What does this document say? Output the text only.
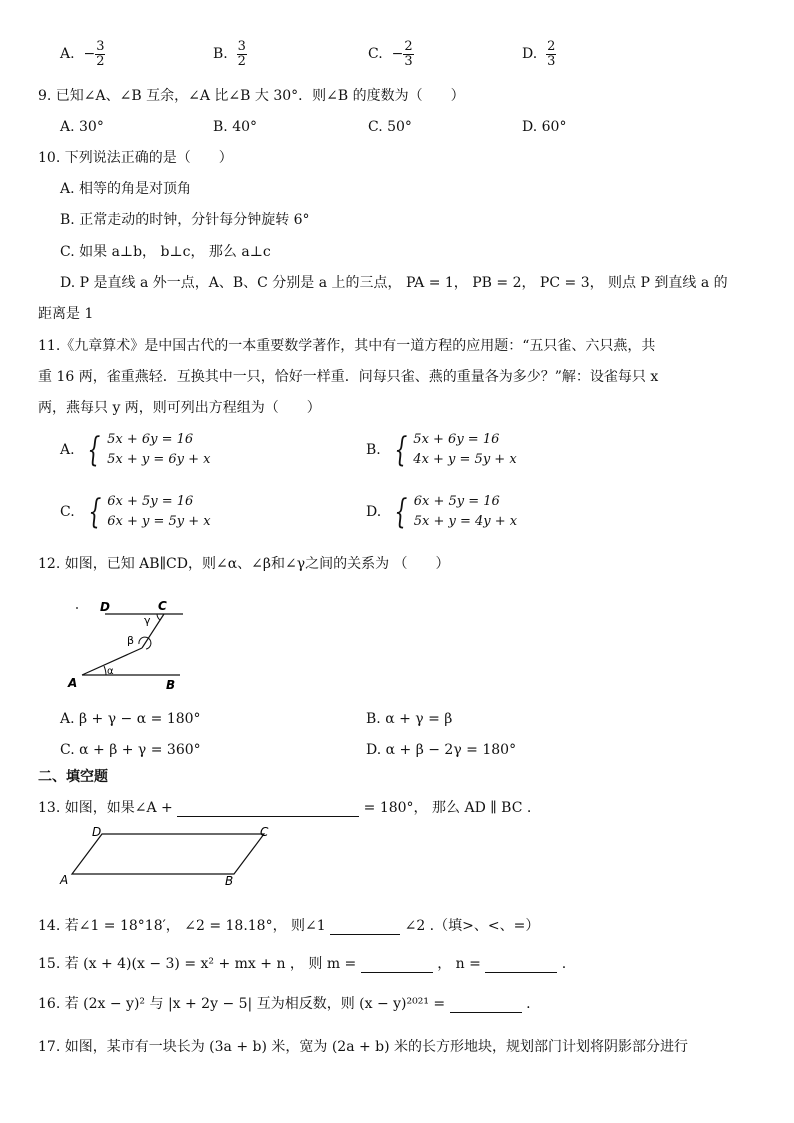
A.
− $\frac{3}{2}$	B.
$\frac{3}{2}$	C.
− $\frac{2}{3}$	D.
$\frac{2}{3}$
9. 已知∠A、∠B 互余，∠A 比∠B 大 30°．则∠B 的度数为（　　）
A. 30°	B. 40°	C. 50°	D. 60°
10. 下列说法正确的是（　　）
A. 相等的角是对顶角
B. 正常走动的时钟，分针每分钟旋转 6°
C. 如果 a⊥b， b⊥c， 那么 a⊥c
D. P 是直线 a 外一点，A、B、C 分别是 a 上的三点， PA = 1， PB = 2， PC = 3， 则点 P 到直线 a 的
距离是 1
11.《九章算术》是中国古代的一本重要数学著作，其中有一道方程的应用题：“五只雀、六只燕，共
重 16 两，雀重燕轻．互换其中一只，恰好一样重．问每只雀、燕的重量各为多少？”解：设雀每只 x
两，燕每只 y 两，则可列出方程组为（　　）
A.
{ 5x + 6y = 16
5x + y = 6y + x
B.
{ 5x + 6y = 16
4x + y = 5y + x
C.
{ 6x + 5y = 16
6x + y = 5y + x
D.
{ 6x + 5y = 16
5x + y = 4y + x
12. 如图，已知 AB∥CD，则∠α、∠β和∠γ之间的关系为 （　　）
D	C
A	B
α
β
γ
A. β + γ − α = 180°	B. α + γ = β
C. α + β + γ = 360°	D. α + β − 2γ = 180°
二、填空题
13. 如图，如果∠A +	= 180°， 那么 AD ∥ BC .
D	C
A	B
14. 若∠1 = 18°18′， ∠2 = 18.18°， 则∠1	∠2 .（填>、<、=）
15. 若 (x + 4)(x − 3) = x² + mx + n ， 则 m =	， n =	.
16. 若 (2x − y)² 与 |x + 2y − 5| 互为相反数，则 (x − y)²⁰²¹ =	.
17. 如图，某市有一块长为 (3a + b) 米，宽为 (2a + b) 米的长方形地块，规划部门计划将阴影部分进行
